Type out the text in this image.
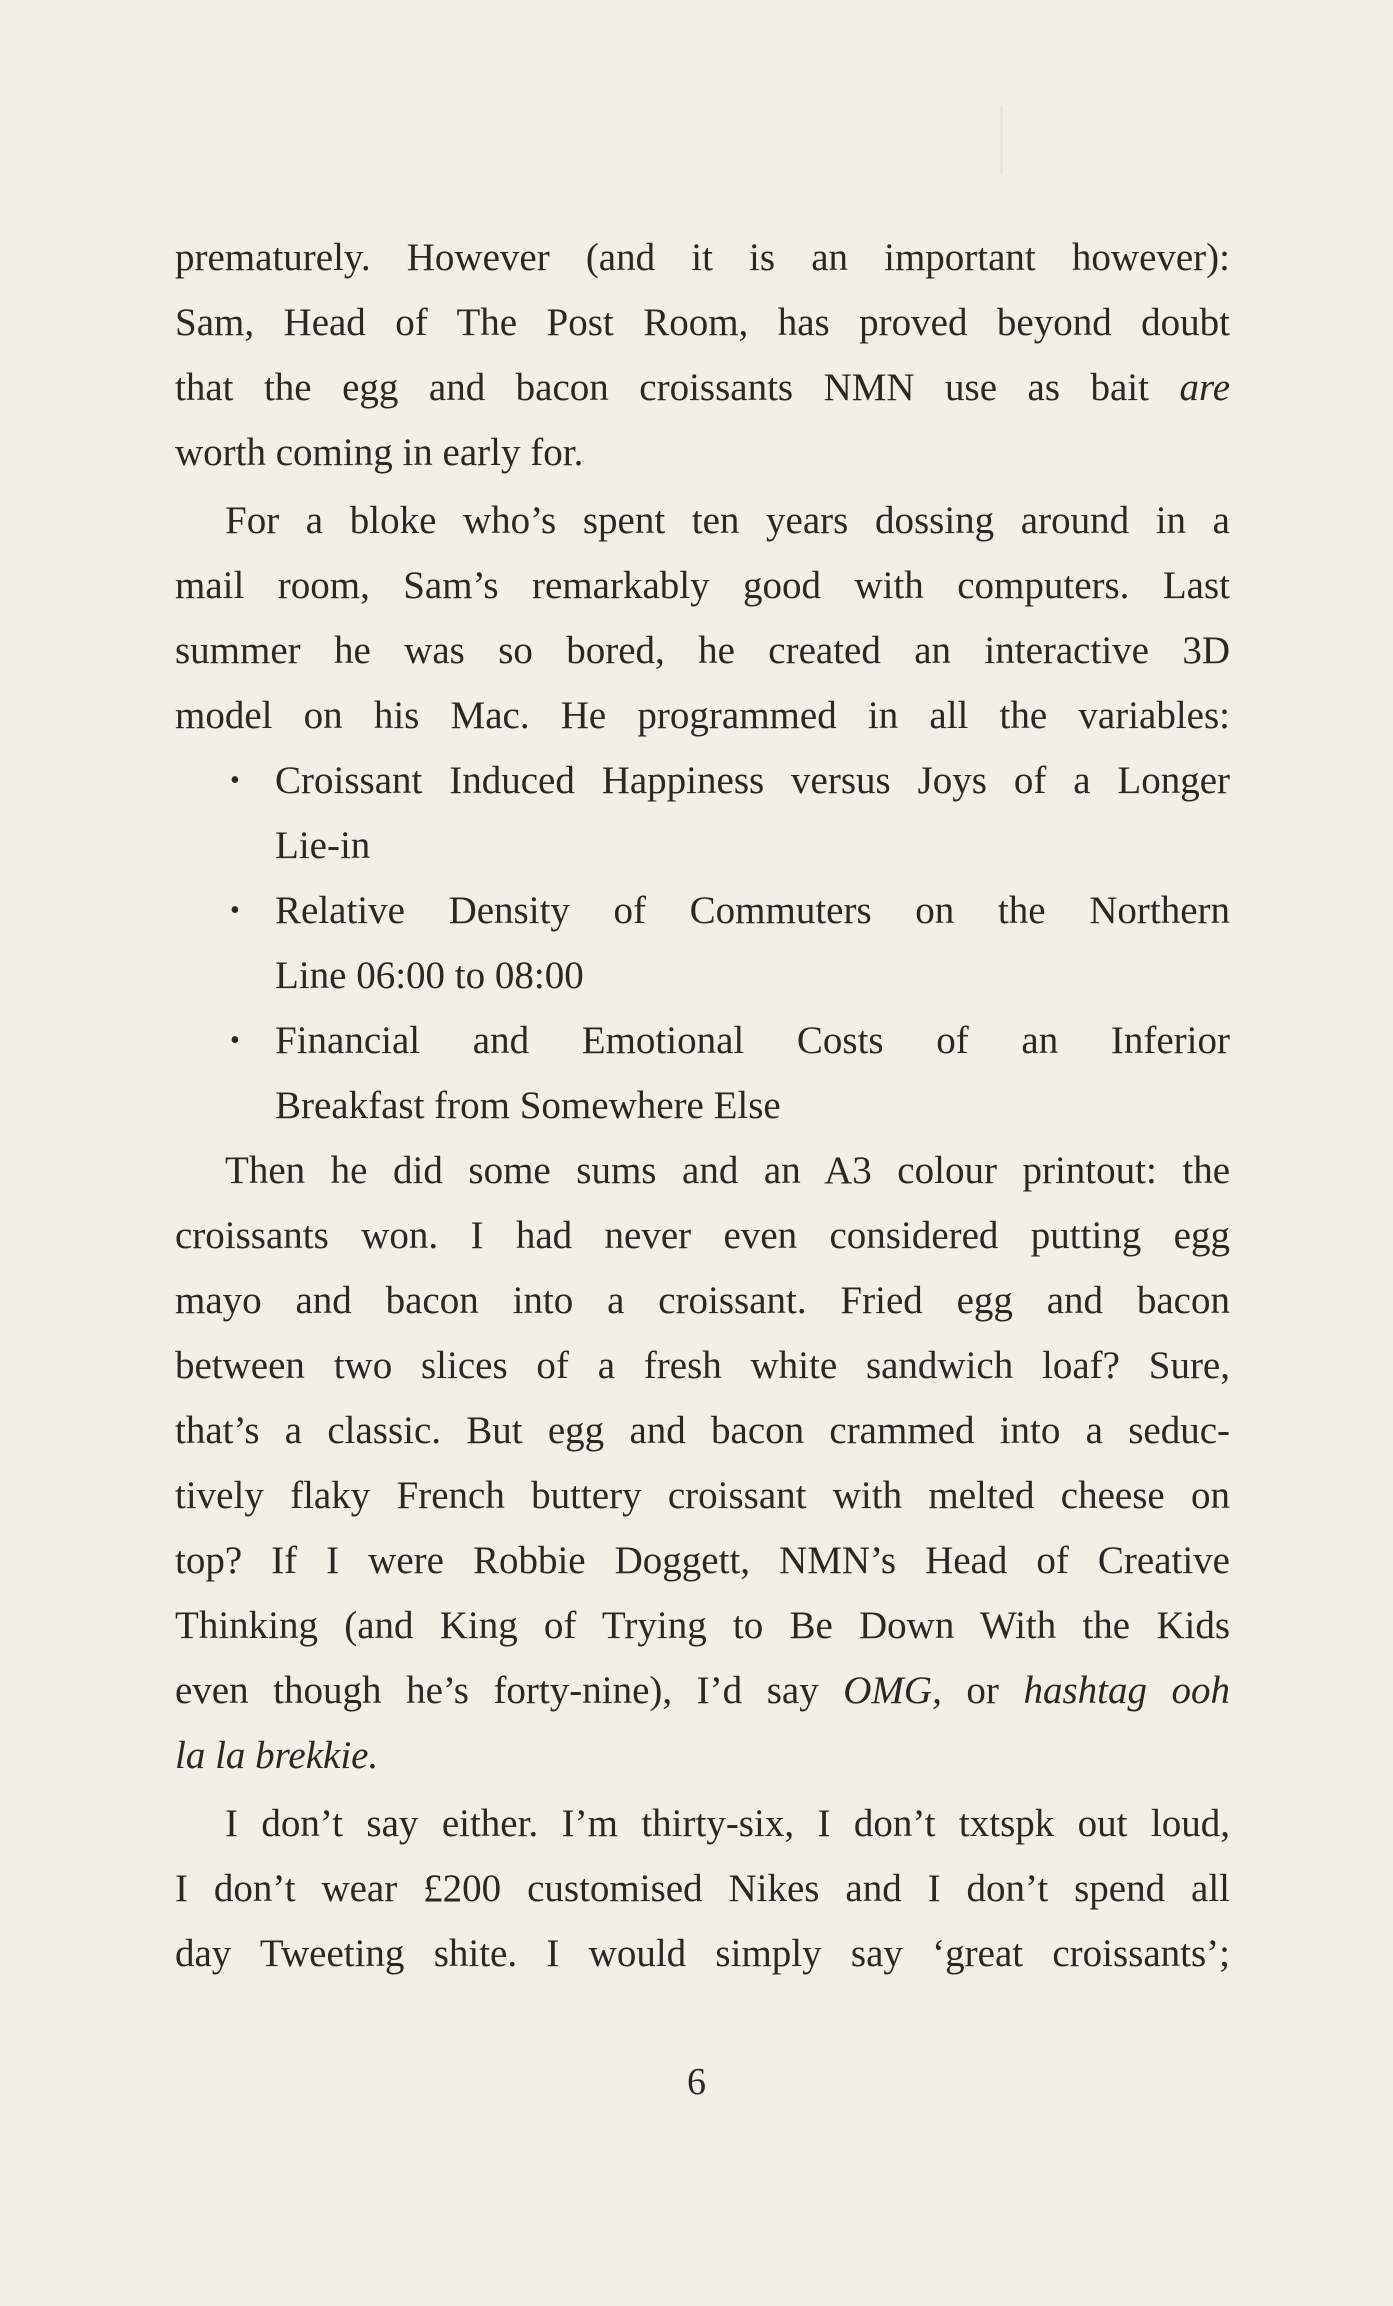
prematurely. However (and it is an important however):
Sam, Head of The Post Room, has proved beyond doubt
that the egg and bacon croissants NMN use as bait are
worth coming in early for.
For a bloke who’s spent ten years dossing around in a
mail room, Sam’s remarkably good with computers. Last
summer he was so bored, he created an interactive 3D
model on his Mac. He programmed in all the variables:
• Croissant Induced Happiness versus Joys of a Longer
Lie-in
• Relative Density of Commuters on the Northern
Line 06:00 to 08:00
• Financial and Emotional Costs of an Inferior
Breakfast from Somewhere Else
Then he did some sums and an A3 colour printout: the
croissants won. I had never even considered putting egg
mayo and bacon into a croissant. Fried egg and bacon
between two slices of a fresh white sandwich loaf? Sure,
that’s a classic. But egg and bacon crammed into a seduc-
tively flaky French buttery croissant with melted cheese on
top? If I were Robbie Doggett, NMN’s Head of Creative
Thinking (and King of Trying to Be Down With the Kids
even though he’s forty-nine), I’d say OMG, or hashtag ooh
la la brekkie.
I don’t say either. I’m thirty-six, I don’t txtspk out loud,
I don’t wear £200 customised Nikes and I don’t spend all
day Tweeting shite. I would simply say ‘great croissants’;
6
